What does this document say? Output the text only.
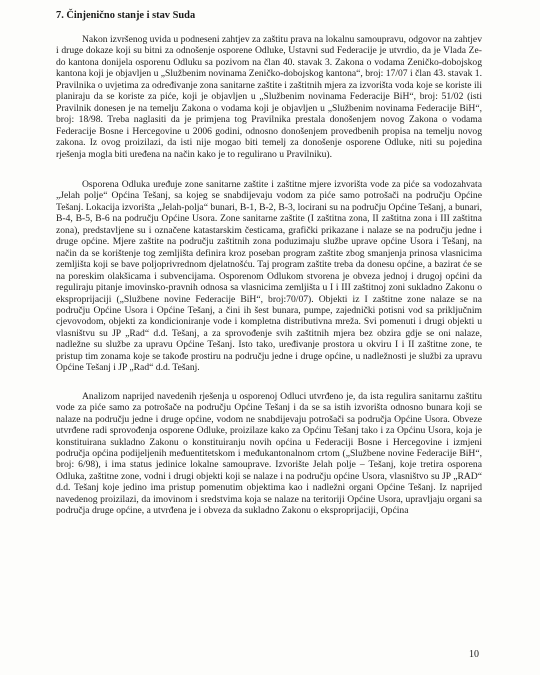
7. Činjenično stanje i stav Suda

Nakon izvršenog uvida u podneseni zahtjev za zaštitu prava na lokalnu samoupravu, odgovor na zahtjev i druge dokaze koji su bitni za odnošenje osporene Odluke, Ustavni sud Federacije je utvrdio, da je Vlada Ze-do kantona donijela osporenu Odluku sa pozivom na član 40. stavak 3. Zakona o vodama Zeničko-dobojskog kantona koji je objavljen u „Službenim novinama Zeničko-dobojskog kantona“, broj: 17/07 i član 43. stavak 1. Pravilnika o uvjetima za određivanje zona sanitarne zaštite i zaštitnih mjera za izvorišta voda koje se koriste ili planiraju da se koriste za piće, koji je objavljen u „Službenim novinama Federacije BiH“, broj: 51/02 (isti Pravilnik donesen je na temelju Zakona o vodama koji je objavljen u „Službenim novinama Federacije BiH“, broj: 18/98. Treba naglasiti da je primjena tog Pravilnika prestala donošenjem novog Zakona o vodama Federacije Bosne i Hercegovine u 2006 godini, odnosno donošenjem provedbenih propisa na temelju novog zakona. Iz ovog proizilazi, da isti nije mogao biti temelj za donošenje osporene Odluke, niti su pojedina rješenja mogla biti uređena na način kako je to regulirano u Pravilniku).

Osporena Odluka uređuje zone sanitarne zaštite i zaštitne mjere izvorišta vode za piće sa vodozahvata „Jelah polje“ Općina Tešanj, sa kojeg se snabdijevaju vodom za piće samo potrošači na području Općine Tešanj. Lokacija izvorišta „Jelah-polja“ bunari, B-1, B-2, B-3, locirani su na području Općine Tešanj, a bunari, B-4, B-5, B-6 na području Općine Usora. Zone sanitarne zaštite (I zaštitna zona, II zaštitna zona i III zaštitna zona), predstavljene su i označene katastarskim česticama, grafički prikazane i nalaze se na području jedne i druge općine. Mjere zaštite na području zaštitnih zona poduzimaju službe uprave općine Usora i Tešanj, na način da se korištenje tog zemljišta definira kroz poseban program zaštite zbog smanjenja prinosa vlasnicima zemljišta koji se bave poljoprivrednom djelatnošću. Taj program zaštite treba da donesu općine, a bazirat će se na poreskim olakšicama i subvencijama. Osporenom Odlukom stvorena je obveza jednoj i drugoj općini da reguliraju pitanje imovinsko-pravnih odnosa sa vlasnicima zemljišta u I i III zaštitnoj zoni sukladno Zakonu o eksproprijaciji („Službene novine Federacije BiH“, broj:70/07). Objekti iz I zaštitne zone nalaze se na području Općine Usora i Općine Tešanj, a čini ih šest bunara, pumpe, zajednički potisni vod sa priključnim cjevovodom, objekti za kondicioniranje vode i kompletna distributivna mreža. Svi pomenuti i drugi objekti u vlasništvu su JP „Rad“ d.d. Tešanj, a za sprovođenje svih zaštitnih mjera bez obzira gdje se oni nalaze, nadležne su službe za upravu Općine Tešanj. Isto tako, uređivanje prostora u okviru I i II zaštitne zone, te pristup tim zonama koje se takođe prostiru na području jedne i druge općine, u nadležnosti je službi za upravu Općine Tešanj i JP „Rad“ d.d. Tešanj.

Analizom naprijed navedenih rješenja u osporenoj Odluci utvrđeno je, da ista regulira sanitarnu zaštitu vode za piće samo za potrošače na području Općine Tešanj i da se sa istih izvorišta odnosno bunara koji se nalaze na području jedne i druge općine, vodom ne snabdijevaju potrošači sa područja Općine Usora. Obveze utvrđene radi sprovođenja osporene Odluke, proizilaze kako za Općinu Tešanj tako i za Općinu Usora, koja je konstituirana sukladno Zakonu o konstituiranju novih općina u Federaciji Bosne i Hercegovine i izmjeni područja općina podijeljenih međuentitetskom i međukantonalnom crtom („Službene novine Federacije BiH“, broj: 6/98), i ima status jedinice lokalne samouprave. Izvorište Jelah polje – Tešanj, koje tretira osporena Odluka, zaštitne zone, vodni i drugi objekti koji se nalaze i na području općine Usora, vlasništvo su JP „RAD“ d.d. Tešanj koje jedino ima pristup pomenutim objektima kao i nadležni organi Općine Tešanj. Iz naprijed navedenog proizilazi, da imovinom i sredstvima koja se nalaze na teritoriji Općine Usora, upravljaju organi sa područja druge općine, a utvrđena je i obveza da sukladno Zakonu o eksproprijaciji, Općina

10
